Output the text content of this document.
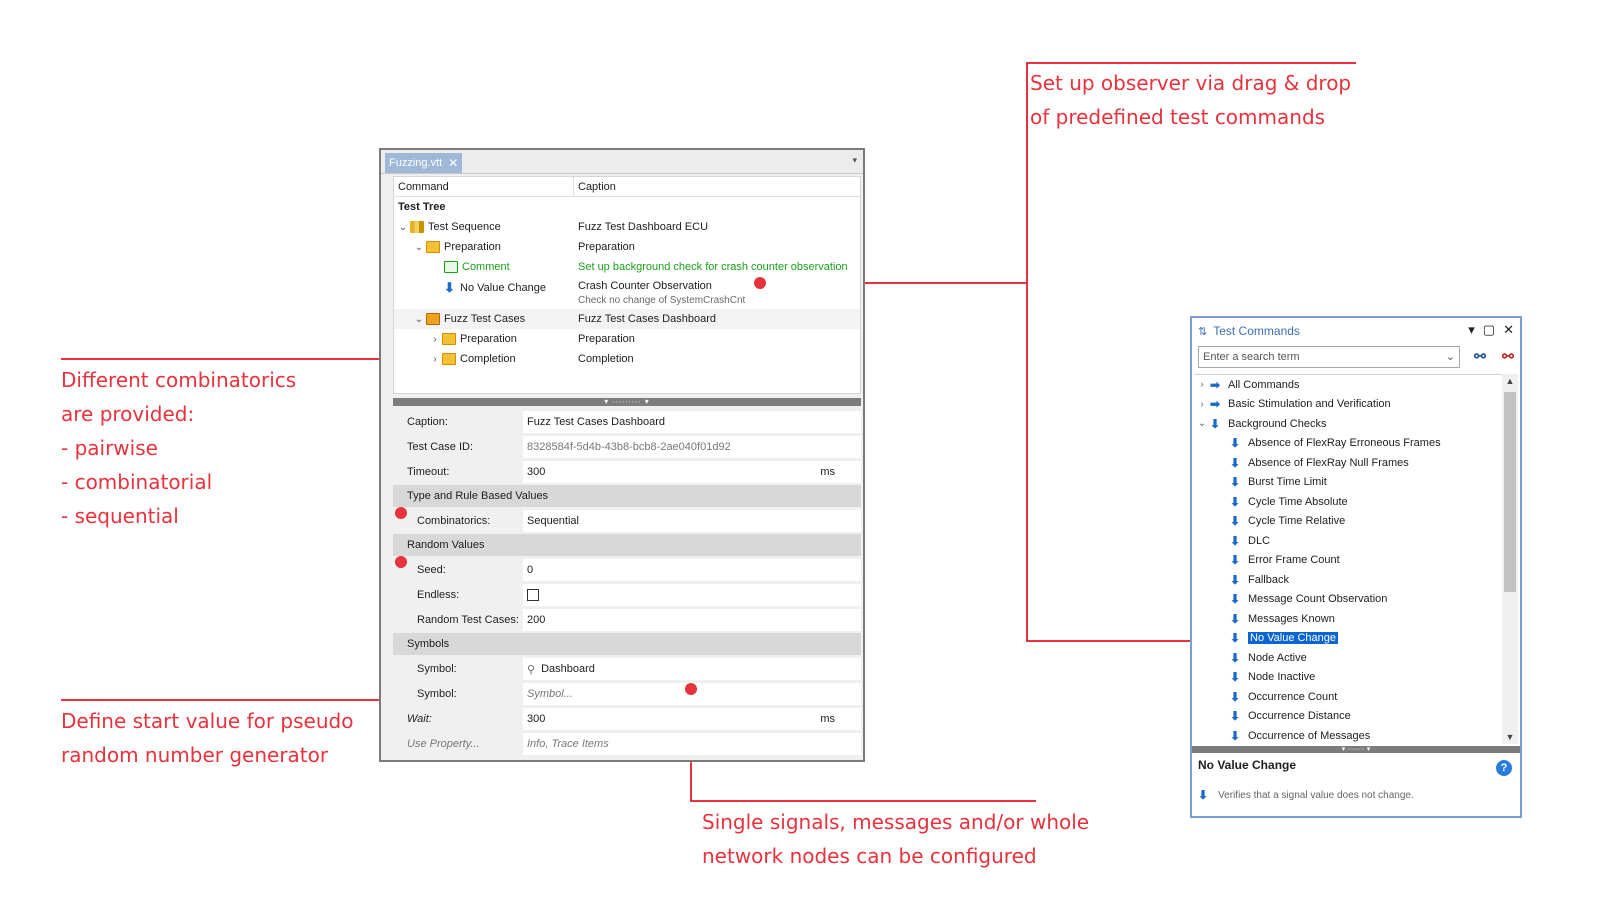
Set up observer via drag & drop
of predefined test commands
Different combinatorics
are provided:
- pairwise
- combinatorial
- sequential
Define start value for pseudo
random number generator
Single signals, messages and/or whole
network nodes can be configured
Fuzzing.vtt ✕	▾
Command	Caption
Test Tree
⌄ Test Sequence	Fuzz Test Dashboard ECU
⌄ Preparation	Preparation
Comment	Set up background check for crash counter observation
⬇ No Value Change	Crash Counter Observation
Check no change of SystemCrashCnt
⌄ Fuzz Test Cases	Fuzz Test Cases Dashboard
›	Preparation	Preparation
›	Completion	Completion
▾ ∙∙∙∙∙∙∙∙∙ ▾
Caption:	Fuzz Test Cases Dashboard
Test Case ID:	8328584f-5d4b-43b8-bcb8-2ae040f01d92
Timeout:	300	ms
Type and Rule Based Values
Combinatorics:	Sequential
Random Values
Seed:	0
Endless:
Random Test Cases: 200
Symbols
Symbol:	⚲ Dashboard
Symbol:	Symbol...
Wait:	300	ms
Use Property...	Info, Trace Items
⇅ Test Commands	▾ ▢ ✕
Enter a search term	⌄ ⚯ ⚯
› ➡ All Commands
› ➡ Basic Stimulation and Verification
⌄ ⬇ Background Checks
⬇ Absence of FlexRay Erroneous Frames
⬇ Absence of FlexRay Null Frames
⬇ Burst Time Limit
⬇ Cycle Time Absolute
⬇ Cycle Time Relative
⬇ DLC
⬇ Error Frame Count
⬇ Fallback
⬇ Message Count Observation
⬇ Messages Known
⬇ No Value Change
⬇ Node Active
⬇ Node Inactive
⬇ Occurrence Count
⬇ Occurrence Distance
⬇ Occurrence of Messages
▲
▼
▾ ∙∙∙∙∙∙∙∙∙ ▾
No Value Change	?
⬇ Verifies that a signal value does not change.
